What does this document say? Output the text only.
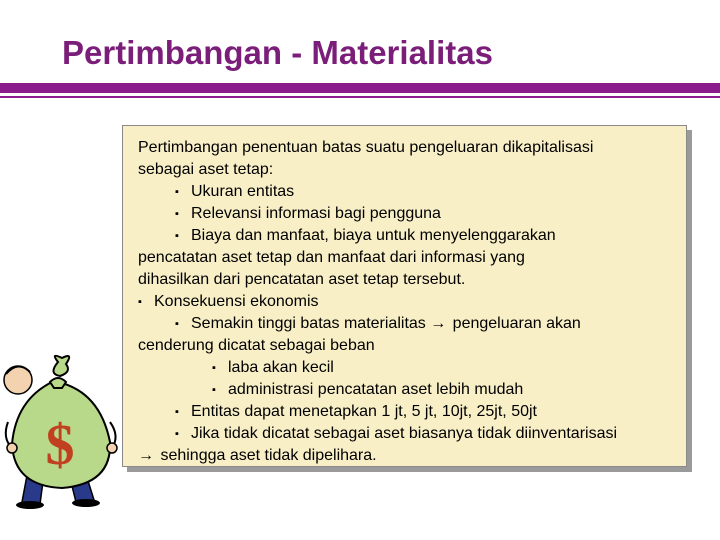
Pertimbangan - Materialitas
$

Pertimbangan penentuan batas suatu pengeluaran dikapitalisasi
sebagai aset tetap:

▪ Ukuran entitas
▪ Relevansi informasi bagi pengguna
▪ Biaya dan manfaat, biaya untuk menyelenggarakan

pencatatan aset tetap dan manfaat dari informasi yang
dihasilkan dari pencatatan aset tetap tersebut.

▪ Konsekuensi ekonomis
▪ Semakin tinggi batas materialitas → pengeluaran akan

cenderung dicatat sebagai beban

▪ laba akan kecil
▪ administrasi pencatatan aset lebih mudah
▪ Entitas dapat menetapkan 1 jt, 5 jt, 10jt, 25jt, 50jt
▪ Jika tidak dicatat sebagai aset biasanya tidak diinventarisasi

→ sehingga aset tidak dipelihara.
